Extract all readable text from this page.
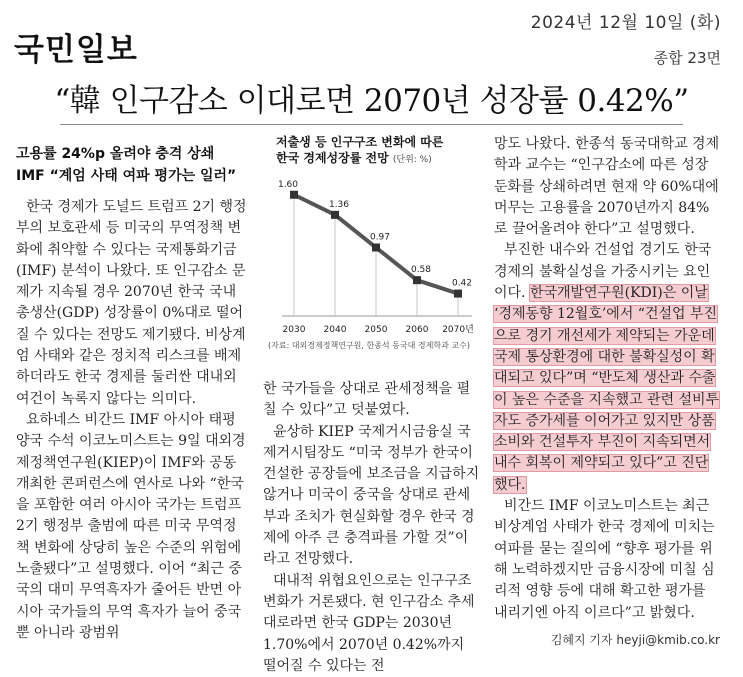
2024년 12월 10일 (화)
국민일보	종합 23면
“韓 인구감소 이대로면 2070년 성장률 0.42%”
고용률 24%p 올려야 충격 상쇄
IMF “계엄 사태 여파 평가는 일러”

한국 경제가 도널드 트럼프 2기 행정부의 보호관세 등 미국의 무역정책 변화에 취약할 수 있다는 국제통화기금(IMF) 분석이 나왔다. 또 인구감소 문제가 지속될 경우 2070년 한국 국내총생산(GDP) 성장률이 0%대로 떨어질 수 있다는 전망도 제기됐다. 비상계엄 사태와 같은 정치적 리스크를 배제하더라도 한국 경제를 둘러싼 대내외 여건이 녹록지 않다는 의미다.

요하네스 비간드 IMF 아시아 태평양국 수석 이코노미스트는 9일 대외경제정책연구원(KIEP)이 IMF와 공동개최한 콘퍼런스에 연사로 나와 “한국을 포함한 여러 아시아 국가는 트럼프 2기 행정부 출범에 따른 미국 무역정책 변화에 상당히 높은 수준의 위험에 노출됐다”고 설명했다. 이어 “최근 중국의 대미 무역흑자가 줄어든 반면 아시아 국가들의 무역 흑자가 늘어 중국뿐 아니라 광범위

저출생 등 인구구조 변화에 따른
한국 경제성장률 전망 (단위: %)
1.60
2030
1.36
2040
0.97
2050
0.58
2060
0.42
2070년
(자료: 대외경제정책연구원, 한종석 동국대 경제학과 교수)

한 국가들을 상대로 관세정책을 펼칠 수 있다”고 덧붙였다.

윤상하 KIEP 국제거시금융실 국제거시팀장도 “미국 정부가 한국이 건설한 공장들에 보조금을 지급하지 않거나 미국이 중국을 상대로 관세부과 조치가 현실화할 경우 한국 경제에 아주 큰 충격파를 가할 것”이라고 전망했다.

대내적 위협요인으로는 인구구조 변화가 거론됐다. 현 인구감소 추세대로라면 한국 GDP는 2030년 1.70%에서 2070년 0.42%까지 떨어질 수 있다는 전

망도 나왔다. 한종석 동국대학교 경제학과 교수는 “인구감소에 따른 성장 둔화를 상쇄하려면 현재 약 60%대에 머무는 고용률을 2070년까지 84%로 끌어올려야 한다”고 설명했다.

부진한 내수와 건설업 경기도 한국 경제의 불확실성을 가중시키는 요인이다. 한국개발연구원(KDI)은 이날 ‘경제동향 12월호’에서 “건설업 부진으로 경기 개선세가 제약되는 가운데 국제 통상환경에 대한 불확실성이 확대되고 있다”며 “반도체 생산과 수출이 높은 수준을 지속했고 관련 설비투자도 증가세를 이어가고 있지만 상품 소비와 건설투자 부진이 지속되면서 내수 회복이 제약되고 있다”고 진단했다.

비간드 IMF 이코노미스트는 최근 비상계엄 사태가 한국 경제에 미치는 여파를 묻는 질의에 “향후 평가를 위해 노력하겠지만 금융시장에 미칠 심리적 영향 등에 대해 확고한 평가를 내리기엔 아직 이르다”고 밝혔다.

김혜지 기자 heyji@kmib.co.kr
